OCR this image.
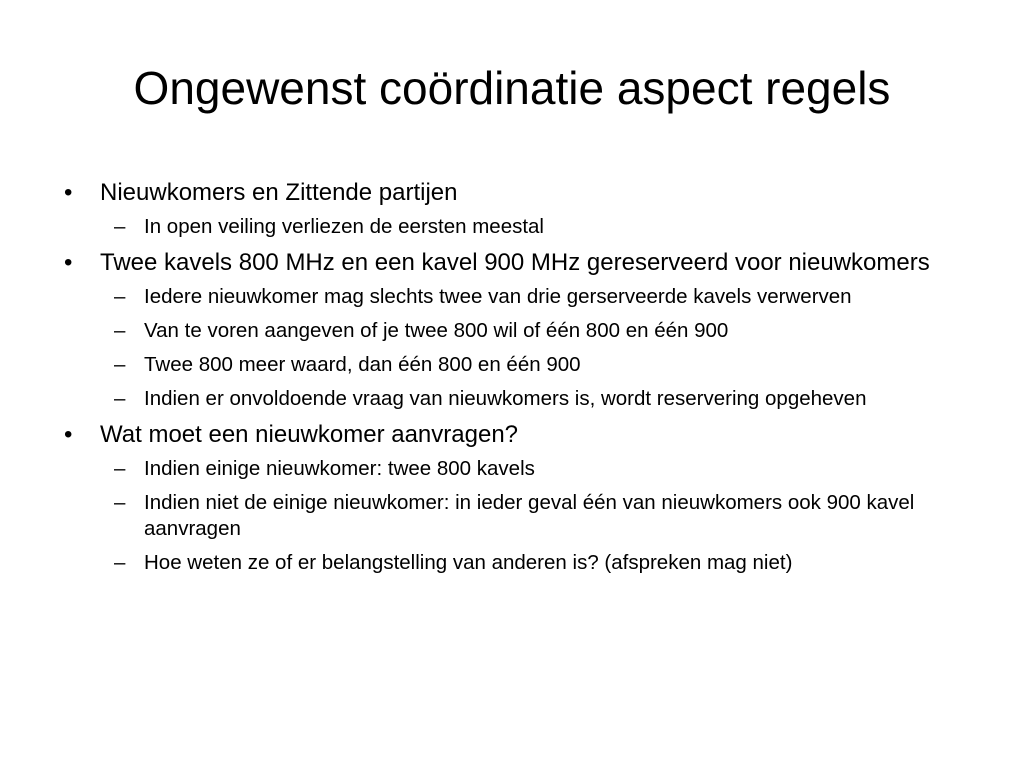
Ongewenst coördinatie aspect regels
•	Nieuwkomers en Zittende partijen
– In open veiling verliezen de eersten meestal
•	Twee kavels 800 MHz en een kavel 900 MHz gereserveerd voor nieuwkomers
– Iedere nieuwkomer mag slechts twee van drie gerserveerde kavels verwerven
– Van te voren aangeven of je twee 800 wil of één 800 en één 900
– Twee 800 meer waard, dan één 800 en één 900
– Indien er onvoldoende vraag van nieuwkomers is, wordt reservering opgeheven
•	Wat moet een nieuwkomer aanvragen?
– Indien einige nieuwkomer: twee 800 kavels
– Indien niet de einige nieuwkomer: in ieder geval één van nieuwkomers ook 900 kavel aanvragen
– Hoe weten ze of er belangstelling van anderen is? (afspreken mag niet)
